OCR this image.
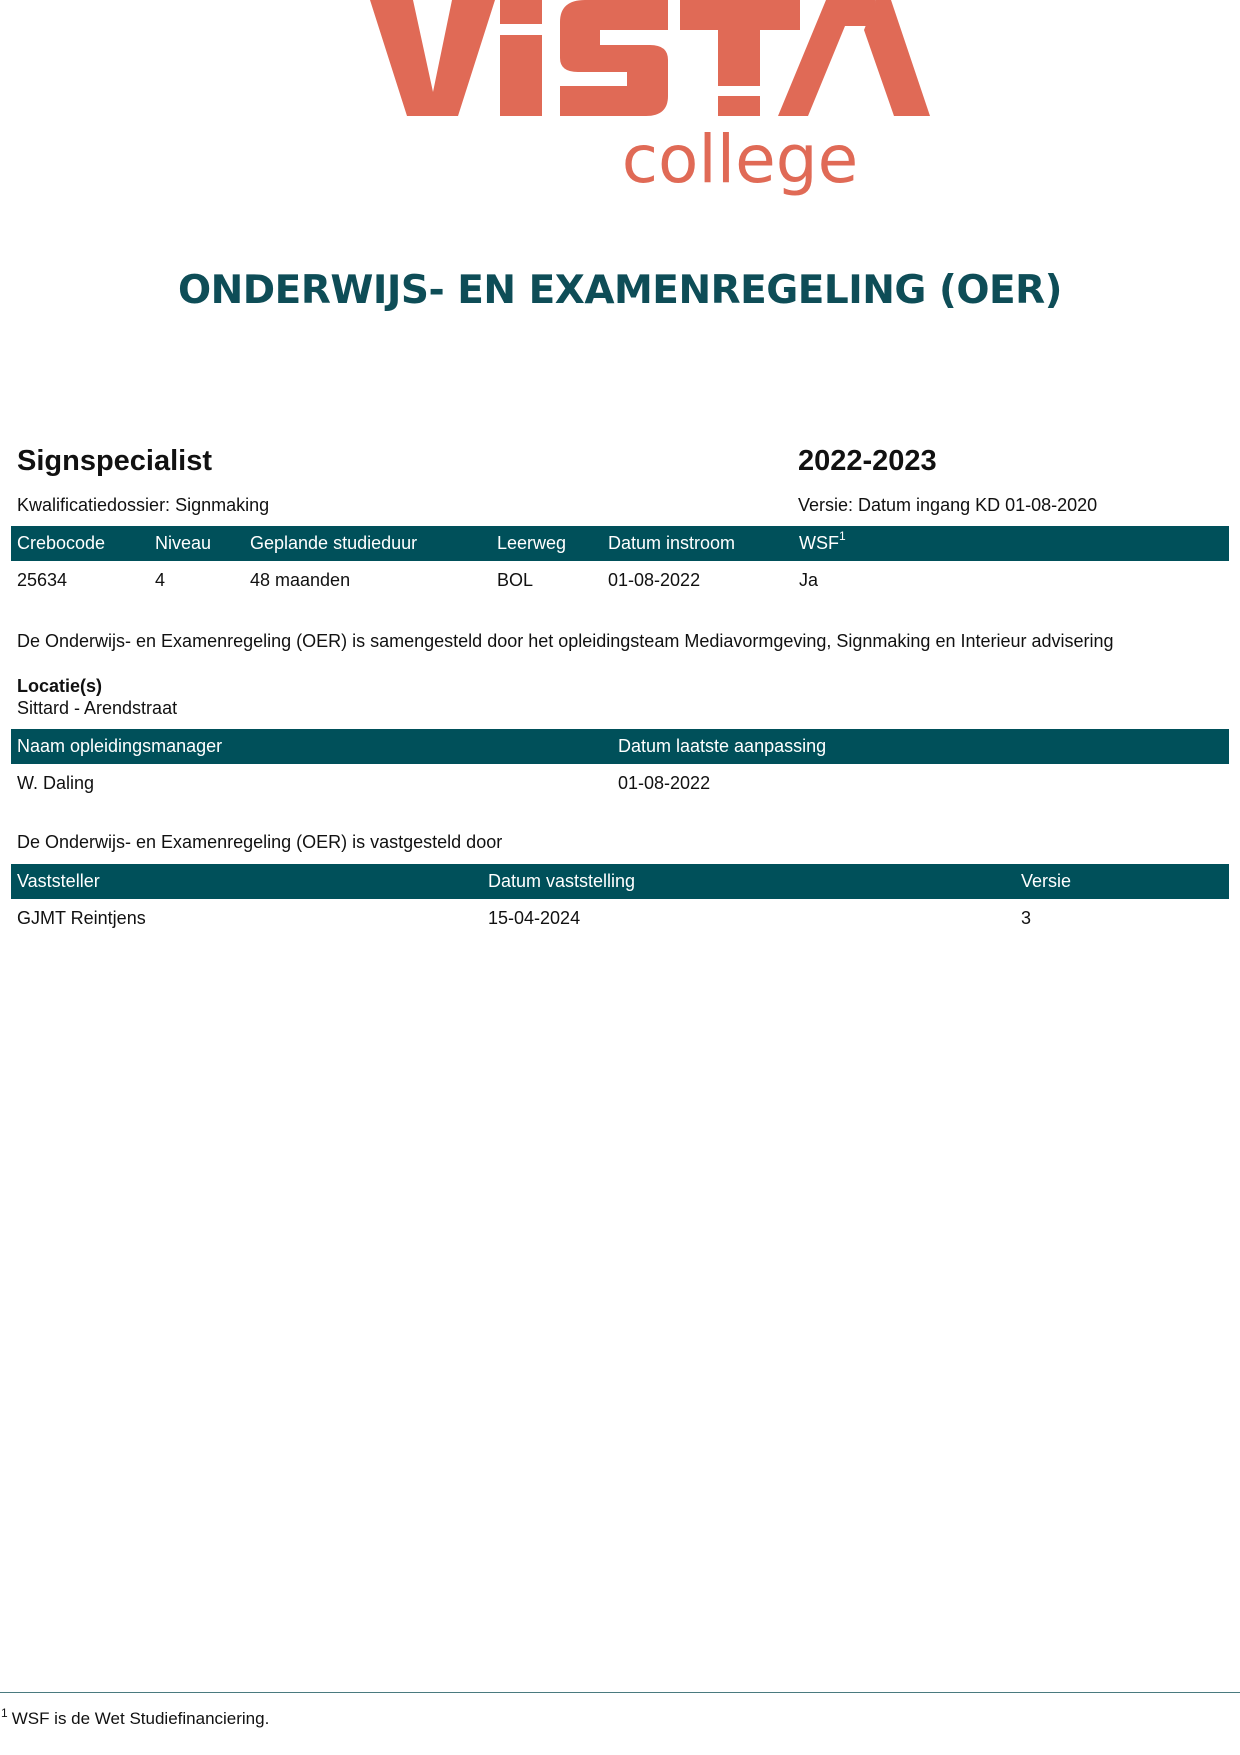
college
ONDERWIJS- EN EXAMENREGELING (OER)
Signspecialist	2022-2023
Kwalificatiedossier: Signmaking	Versie: Datum ingang KD 01-08-2020
Crebocode	Niveau	Geplande studieduur	Leerweg	Datum instroom	WSF$^1$
25634	4	48 maanden	BOL	01-08-2022	Ja
De Onderwijs- en Examenregeling (OER) is samengesteld door het opleidingsteam Mediavormgeving, Signmaking en Interieur advisering
Locatie(s)
Sittard - Arendstraat
Naam opleidingsmanager	Datum laatste aanpassing
W. Daling	01-08-2022
De Onderwijs- en Examenregeling (OER) is vastgesteld door
Vaststeller	Datum vaststelling	Versie
GJMT Reintjens	15-04-2024	3
$^1$ WSF is de Wet Studiefinanciering.
